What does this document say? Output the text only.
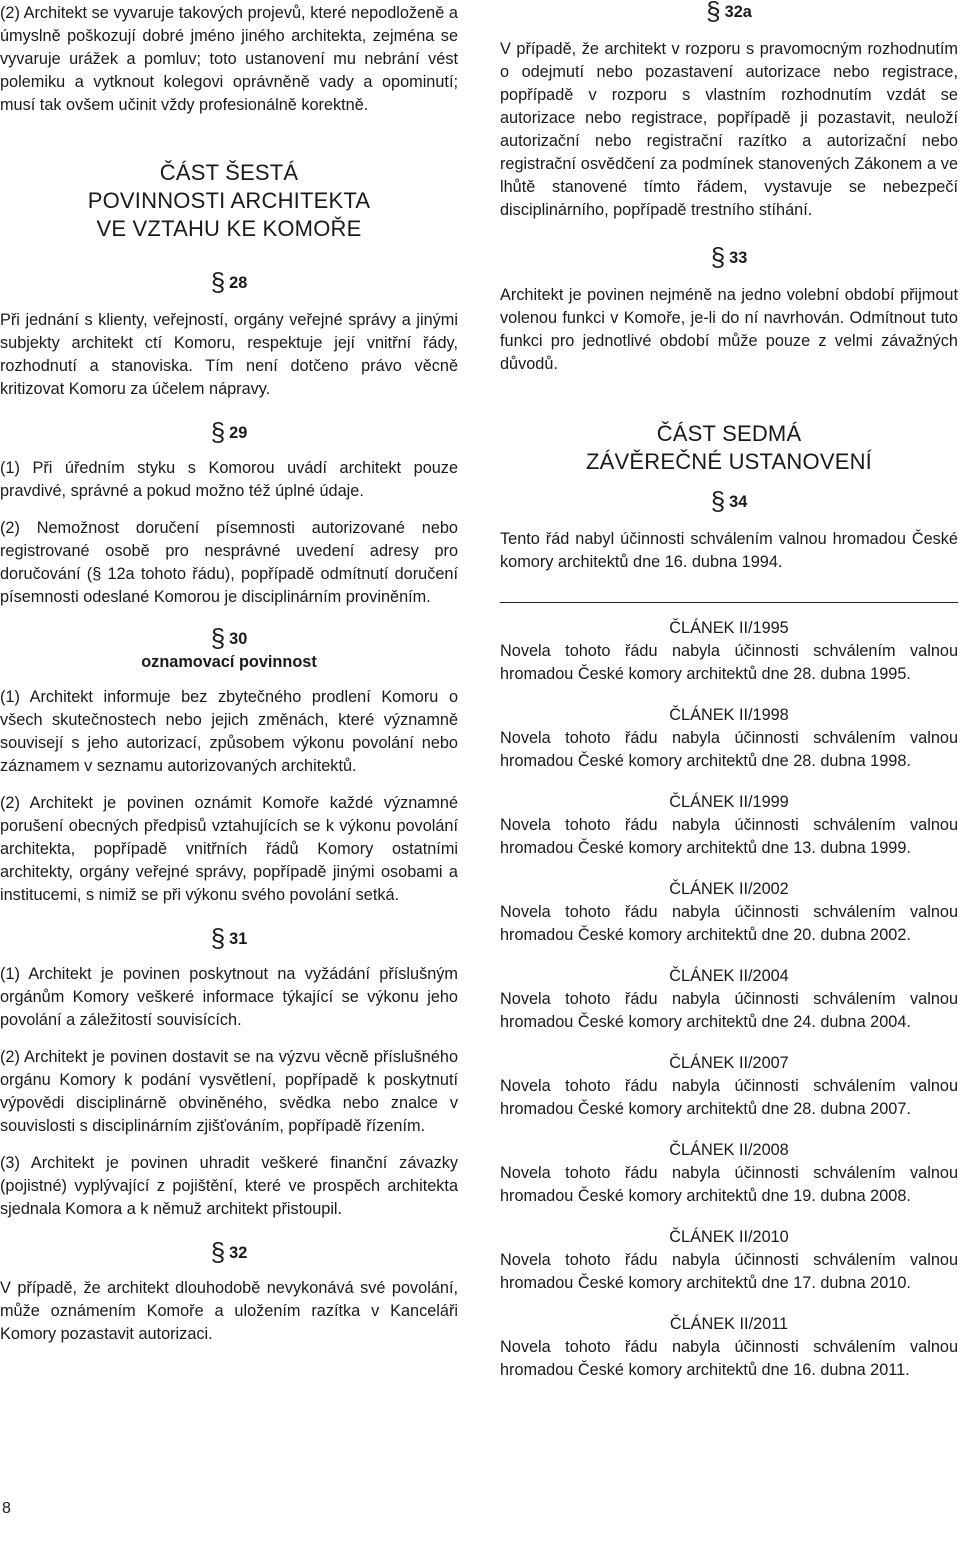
(2) Architekt se vyvaruje takových projevů, které nepodloženě a úmyslně poškozují dobré jméno jiného architekta, zejména se vyvaruje urážek a pomluv; toto ustanovení mu nebrání vést polemiku a vytknout kolegovi oprávněně vady a opominutí; musí tak ovšem učinit vždy profesionálně korektně.

ČÁST ŠESTÁ
POVINNOSTI ARCHITEKTA
VE VZTAHU KE KOMOŘE
§ 28

Při jednání s klienty, veřejností, orgány veřejné správy a jinými subjekty architekt ctí Komoru, respektuje její vnitřní řády, rozhodnutí a stanoviska. Tím není dotčeno právo věcně kritizovat Komoru za účelem nápravy.

§ 29

(1) Při úředním styku s Komorou uvádí architekt pouze pravdivé, správné a pokud možno též úplné údaje.

(2) Nemožnost doručení písemnosti autorizované nebo registrované osobě pro nesprávné uvedení adresy pro doručování (§ 12a tohoto řádu), popřípadě odmítnutí doručení písemnosti odeslané Komorou je disciplinárním proviněním.

§ 30
oznamovací povinnost

(1) Architekt informuje bez zbytečného prodlení Komoru o všech skutečnostech nebo jejich změnách, které významně souvisejí s jeho autorizací, způsobem výkonu povolání nebo záznamem v seznamu autorizovaných architektů.

(2) Architekt je povinen oznámit Komoře každé významné porušení obecných předpisů vztahujících se k výkonu povolání architekta, popřípadě vnitřních řádů Komory ostatními architekty, orgány veřejné správy, popřípadě jinými osobami a institucemi, s nimiž se při výkonu svého povolání setká.

§ 31

(1) Architekt je povinen poskytnout na vyžádání příslušným orgánům Komory veškeré informace týkající se výkonu jeho povolání a záležitostí souvisících.

(2) Architekt je povinen dostavit se na výzvu věcně příslušného orgánu Komory k podání vysvětlení, popřípadě k poskytnutí výpovědi disciplinárně obviněného, svědka nebo znalce v souvislosti s disciplinárním zjišťováním, popřípadě řízením.

(3) Architekt je povinen uhradit veškeré finanční závazky (pojistné) vyplývající z pojištění, které ve prospěch architekta sjednala Komora a k němuž architekt přistoupil.

§ 32

V případě, že architekt dlouhodobě nevykonává své povolání, může oznámením Komoře a uložením razítka v Kanceláři Komory pozastavit autorizaci.

§ 32a

V případě, že architekt v rozporu s pravomocným rozhodnutím o odejmutí nebo pozastavení autorizace nebo registrace, popřípadě v rozporu s vlastním rozhodnutím vzdát se autorizace nebo registrace, popřípadě ji pozastavit, neuloží autorizační nebo registrační razítko a autorizační nebo registrační osvědčení za podmínek stanovených Zákonem a ve lhůtě stanovené tímto řádem, vystavuje se nebezpečí disciplinárního, popřípadě trestního stíhání.

§ 33

Architekt je povinen nejméně na jedno volební období přijmout volenou funkci v Komoře, je-li do ní navrhován. Odmítnout tuto funkci pro jednotlivé období může pouze z velmi závažných důvodů.

ČÁST SEDMÁ
ZÁVĚREČNÉ USTANOVENÍ
§ 34

Tento řád nabyl účinnosti schválením valnou hromadou České komory architektů dne 16. dubna 1994.

ČLÁNEK II/1995

Novela tohoto řádu nabyla účinnosti schválením valnou hromadou České komory architektů dne 28. dubna 1995.

ČLÁNEK II/1998

Novela tohoto řádu nabyla účinnosti schválením valnou hromadou České komory architektů dne 28. dubna 1998.

ČLÁNEK II/1999

Novela tohoto řádu nabyla účinnosti schválením valnou hromadou České komory architektů dne 13. dubna 1999.

ČLÁNEK II/2002

Novela tohoto řádu nabyla účinnosti schválením valnou hromadou České komory architektů dne 20. dubna 2002.

ČLÁNEK II/2004

Novela tohoto řádu nabyla účinnosti schválením valnou hromadou České komory architektů dne 24. dubna 2004.

ČLÁNEK II/2007

Novela tohoto řádu nabyla účinnosti schválením valnou hromadou České komory architektů dne 28. dubna 2007.

ČLÁNEK II/2008

Novela tohoto řádu nabyla účinnosti schválením valnou hromadou České komory architektů dne 19. dubna 2008.

ČLÁNEK II/2010

Novela tohoto řádu nabyla účinnosti schválením valnou hromadou České komory architektů dne 17. dubna 2010.

ČLÁNEK II/2011

Novela tohoto řádu nabyla účinnosti schválením valnou hromadou České komory architektů dne 16. dubna 2011.

8
